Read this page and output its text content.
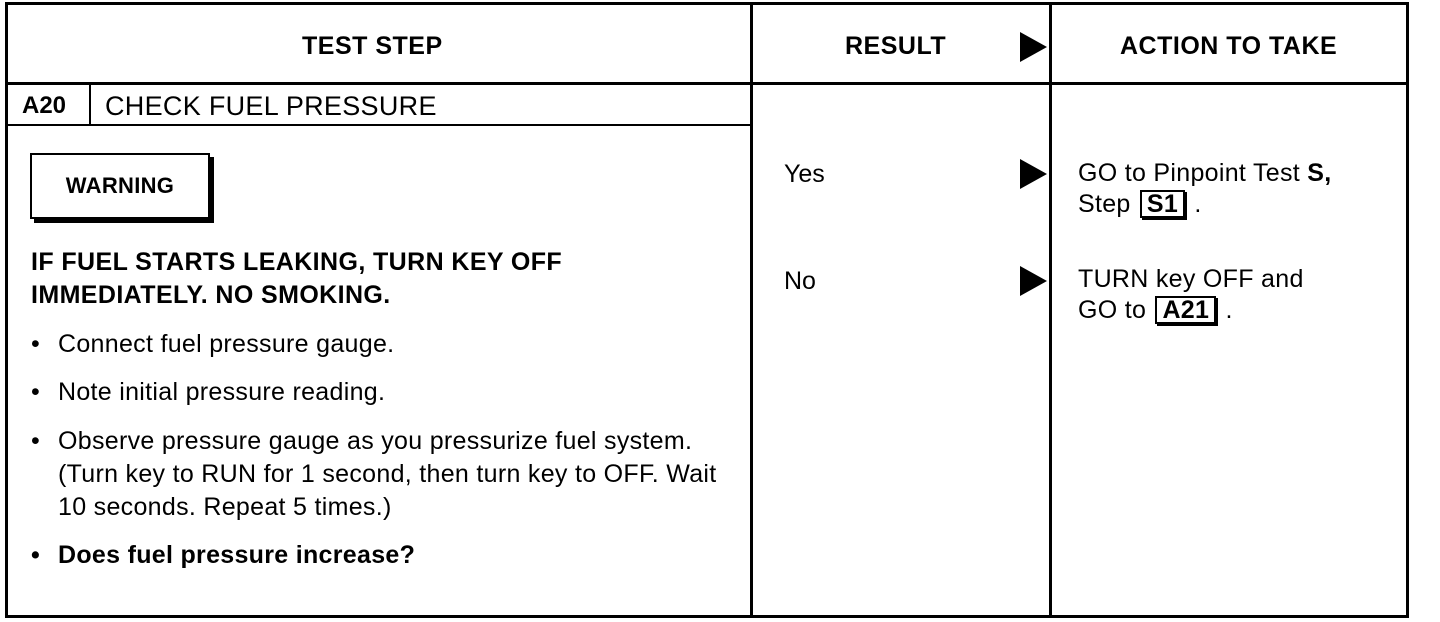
TEST STEP	RESULT	ACTION TO TAKE
A20 CHECK FUEL PRESSURE
WARNING
IF FUEL STARTS LEAKING, TURN KEY OFF IMMEDIATELY. NO SMOKING.
• Connect fuel pressure gauge.
• Note initial pressure reading.
• Observe pressure gauge as you pressurize fuel system. (Turn key to RUN for 1 second, then turn key to OFF. Wait 10 seconds. Repeat 5 times.)
• Does fuel pressure increase?
Yes
No
GO to Pinpoint Test S,
Step S1 .
TURN key OFF and
GO to A21 .
